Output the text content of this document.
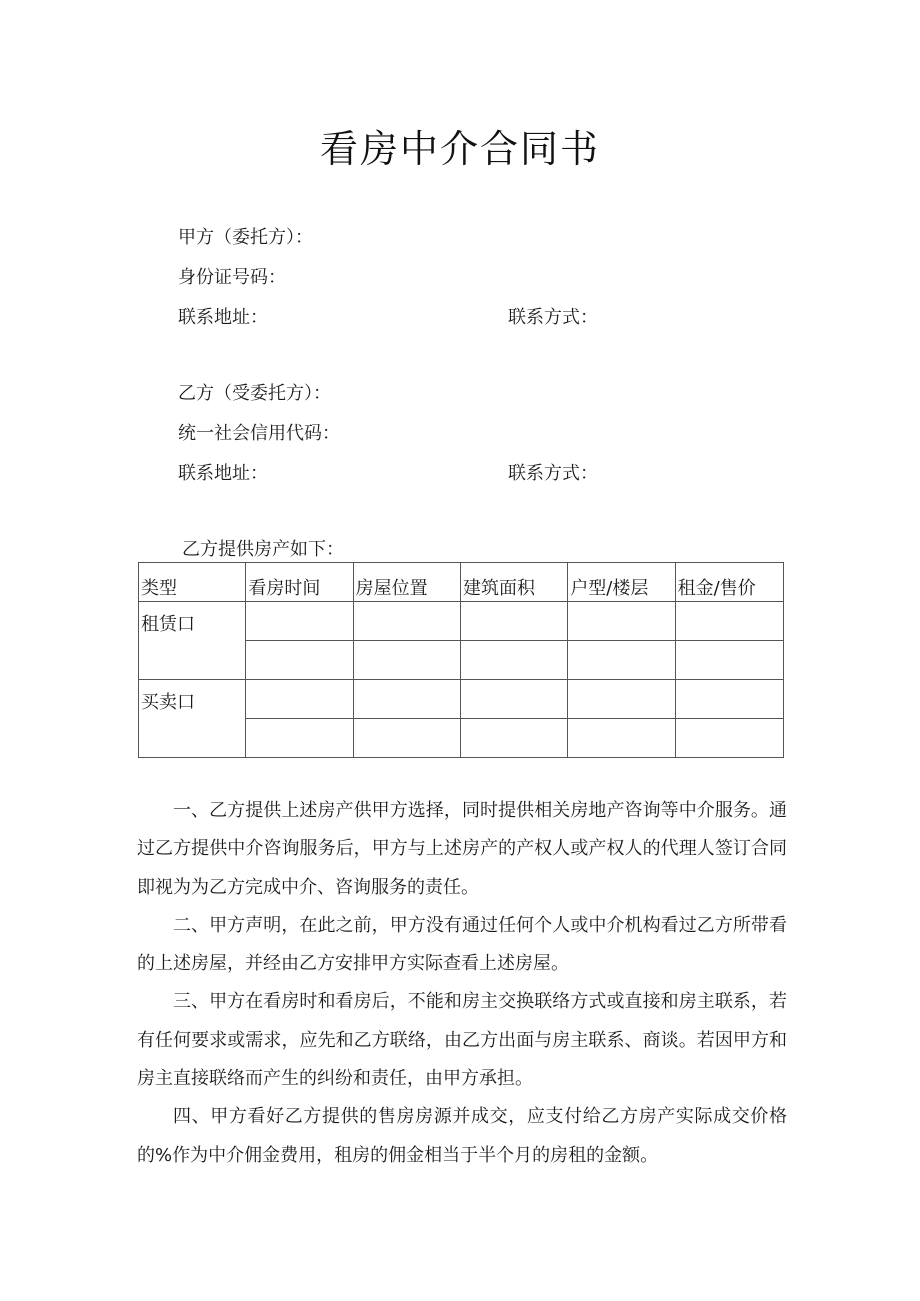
看房中介合同书
甲方（委托方）：
身份证号码：
联系地址：	联系方式：
乙方（受委托方）：
统一社会信用代码：
联系地址：	联系方式：
乙方提供房产如下：
类型	看房时间	房屋位置	建筑面积	户型/楼层	租金/售价
租赁口					

买卖口					

一、乙方提供上述房产供甲方选择，同时提供相关房地产咨询等中介服务。通过乙方提供中介咨询服务后，甲方与上述房产的产权人或产权人的代理人签订合同即视为为乙方完成中介、咨询服务的责任。

二、甲方声明，在此之前，甲方没有通过任何个人或中介机构看过乙方所带看的上述房屋，并经由乙方安排甲方实际查看上述房屋。

三、甲方在看房时和看房后，不能和房主交换联络方式或直接和房主联系，若有任何要求或需求，应先和乙方联络，由乙方出面与房主联系、商谈。若因甲方和房主直接联络而产生的纠纷和责任，由甲方承担。

四、甲方看好乙方提供的售房房源并成交，应支付给乙方房产实际成交价格的%作为中介佣金费用，租房的佣金相当于半个月的房租的金额。
